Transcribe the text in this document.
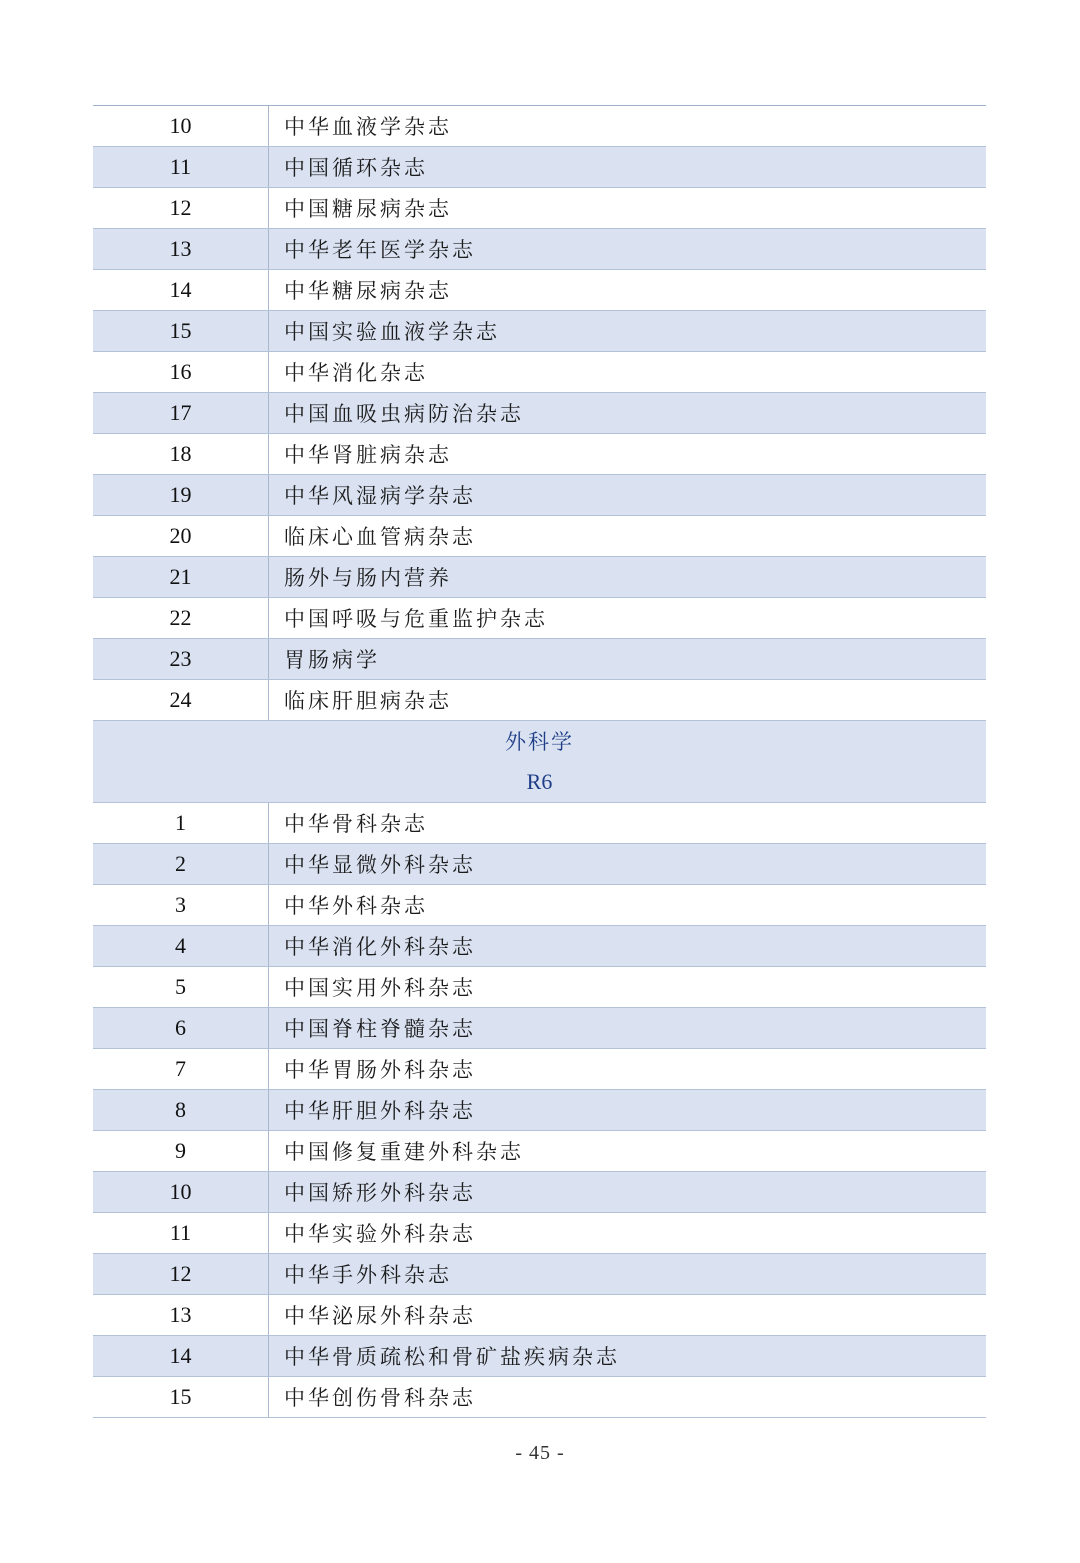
10	中华血液学杂志
11	中国循环杂志
12	中国糖尿病杂志
13	中华老年医学杂志
14	中华糖尿病杂志
15	中国实验血液学杂志
16	中华消化杂志
17	中国血吸虫病防治杂志
18	中华肾脏病杂志
19	中华风湿病学杂志
20	临床心血管病杂志
21	肠外与肠内营养
22	中国呼吸与危重监护杂志
23	胃肠病学
24	临床肝胆病杂志
外科学
R6
1	中华骨科杂志
2	中华显微外科杂志
3	中华外科杂志
4	中华消化外科杂志
5	中国实用外科杂志
6	中国脊柱脊髓杂志
7	中华胃肠外科杂志
8	中华肝胆外科杂志
9	中国修复重建外科杂志
10	中国矫形外科杂志
11	中华实验外科杂志
12	中华手外科杂志
13	中华泌尿外科杂志
14	中华骨质疏松和骨矿盐疾病杂志
15	中华创伤骨科杂志
- 45 -
